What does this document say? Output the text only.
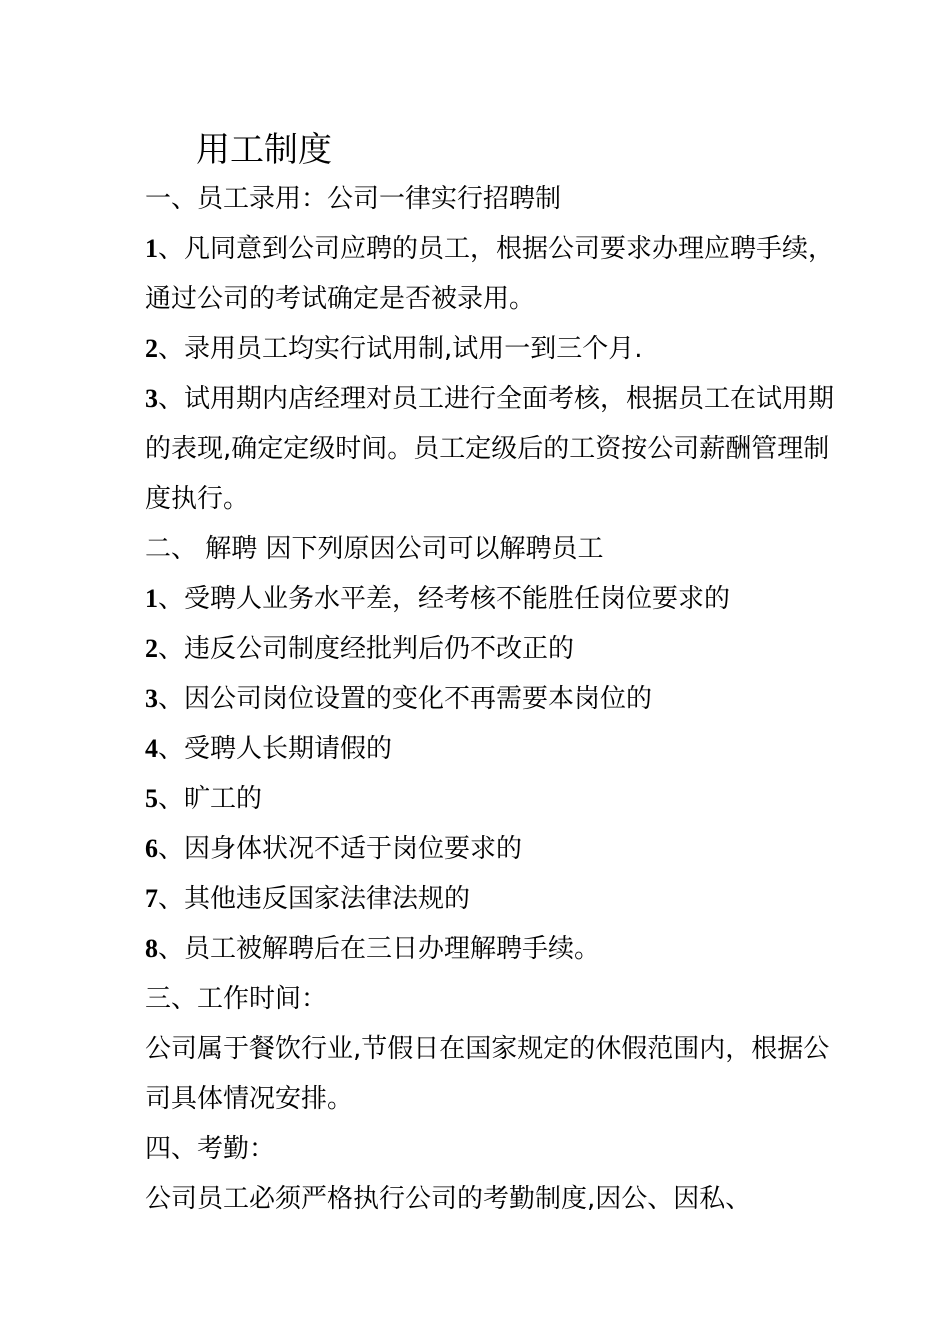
用工制度

一、员工录用：公司一律实行招聘制

1、凡同意到公司应聘的员工，根据公司要求办理应聘手续，通过公司的考试确定是否被录用。

2、录用员工均实行试用制,试用一到三个月.

3、试用期内店经理对员工进行全面考核，根据员工在试用期的表现,确定定级时间。员工定级后的工资按公司薪酬管理制度执行。

二、 解聘 因下列原因公司可以解聘员工

1、受聘人业务水平差，经考核不能胜任岗位要求的

2、违反公司制度经批判后仍不改正的

3、因公司岗位设置的变化不再需要本岗位的

4、受聘人长期请假的

5、旷工的

6、因身体状况不适于岗位要求的

7、其他违反国家法律法规的

8、员工被解聘后在三日办理解聘手续。

三、工作时间：

公司属于餐饮行业,节假日在国家规定的休假范围内，根据公司具体情况安排。

四、考勤：

公司员工必须严格执行公司的考勤制度,因公、因私、
